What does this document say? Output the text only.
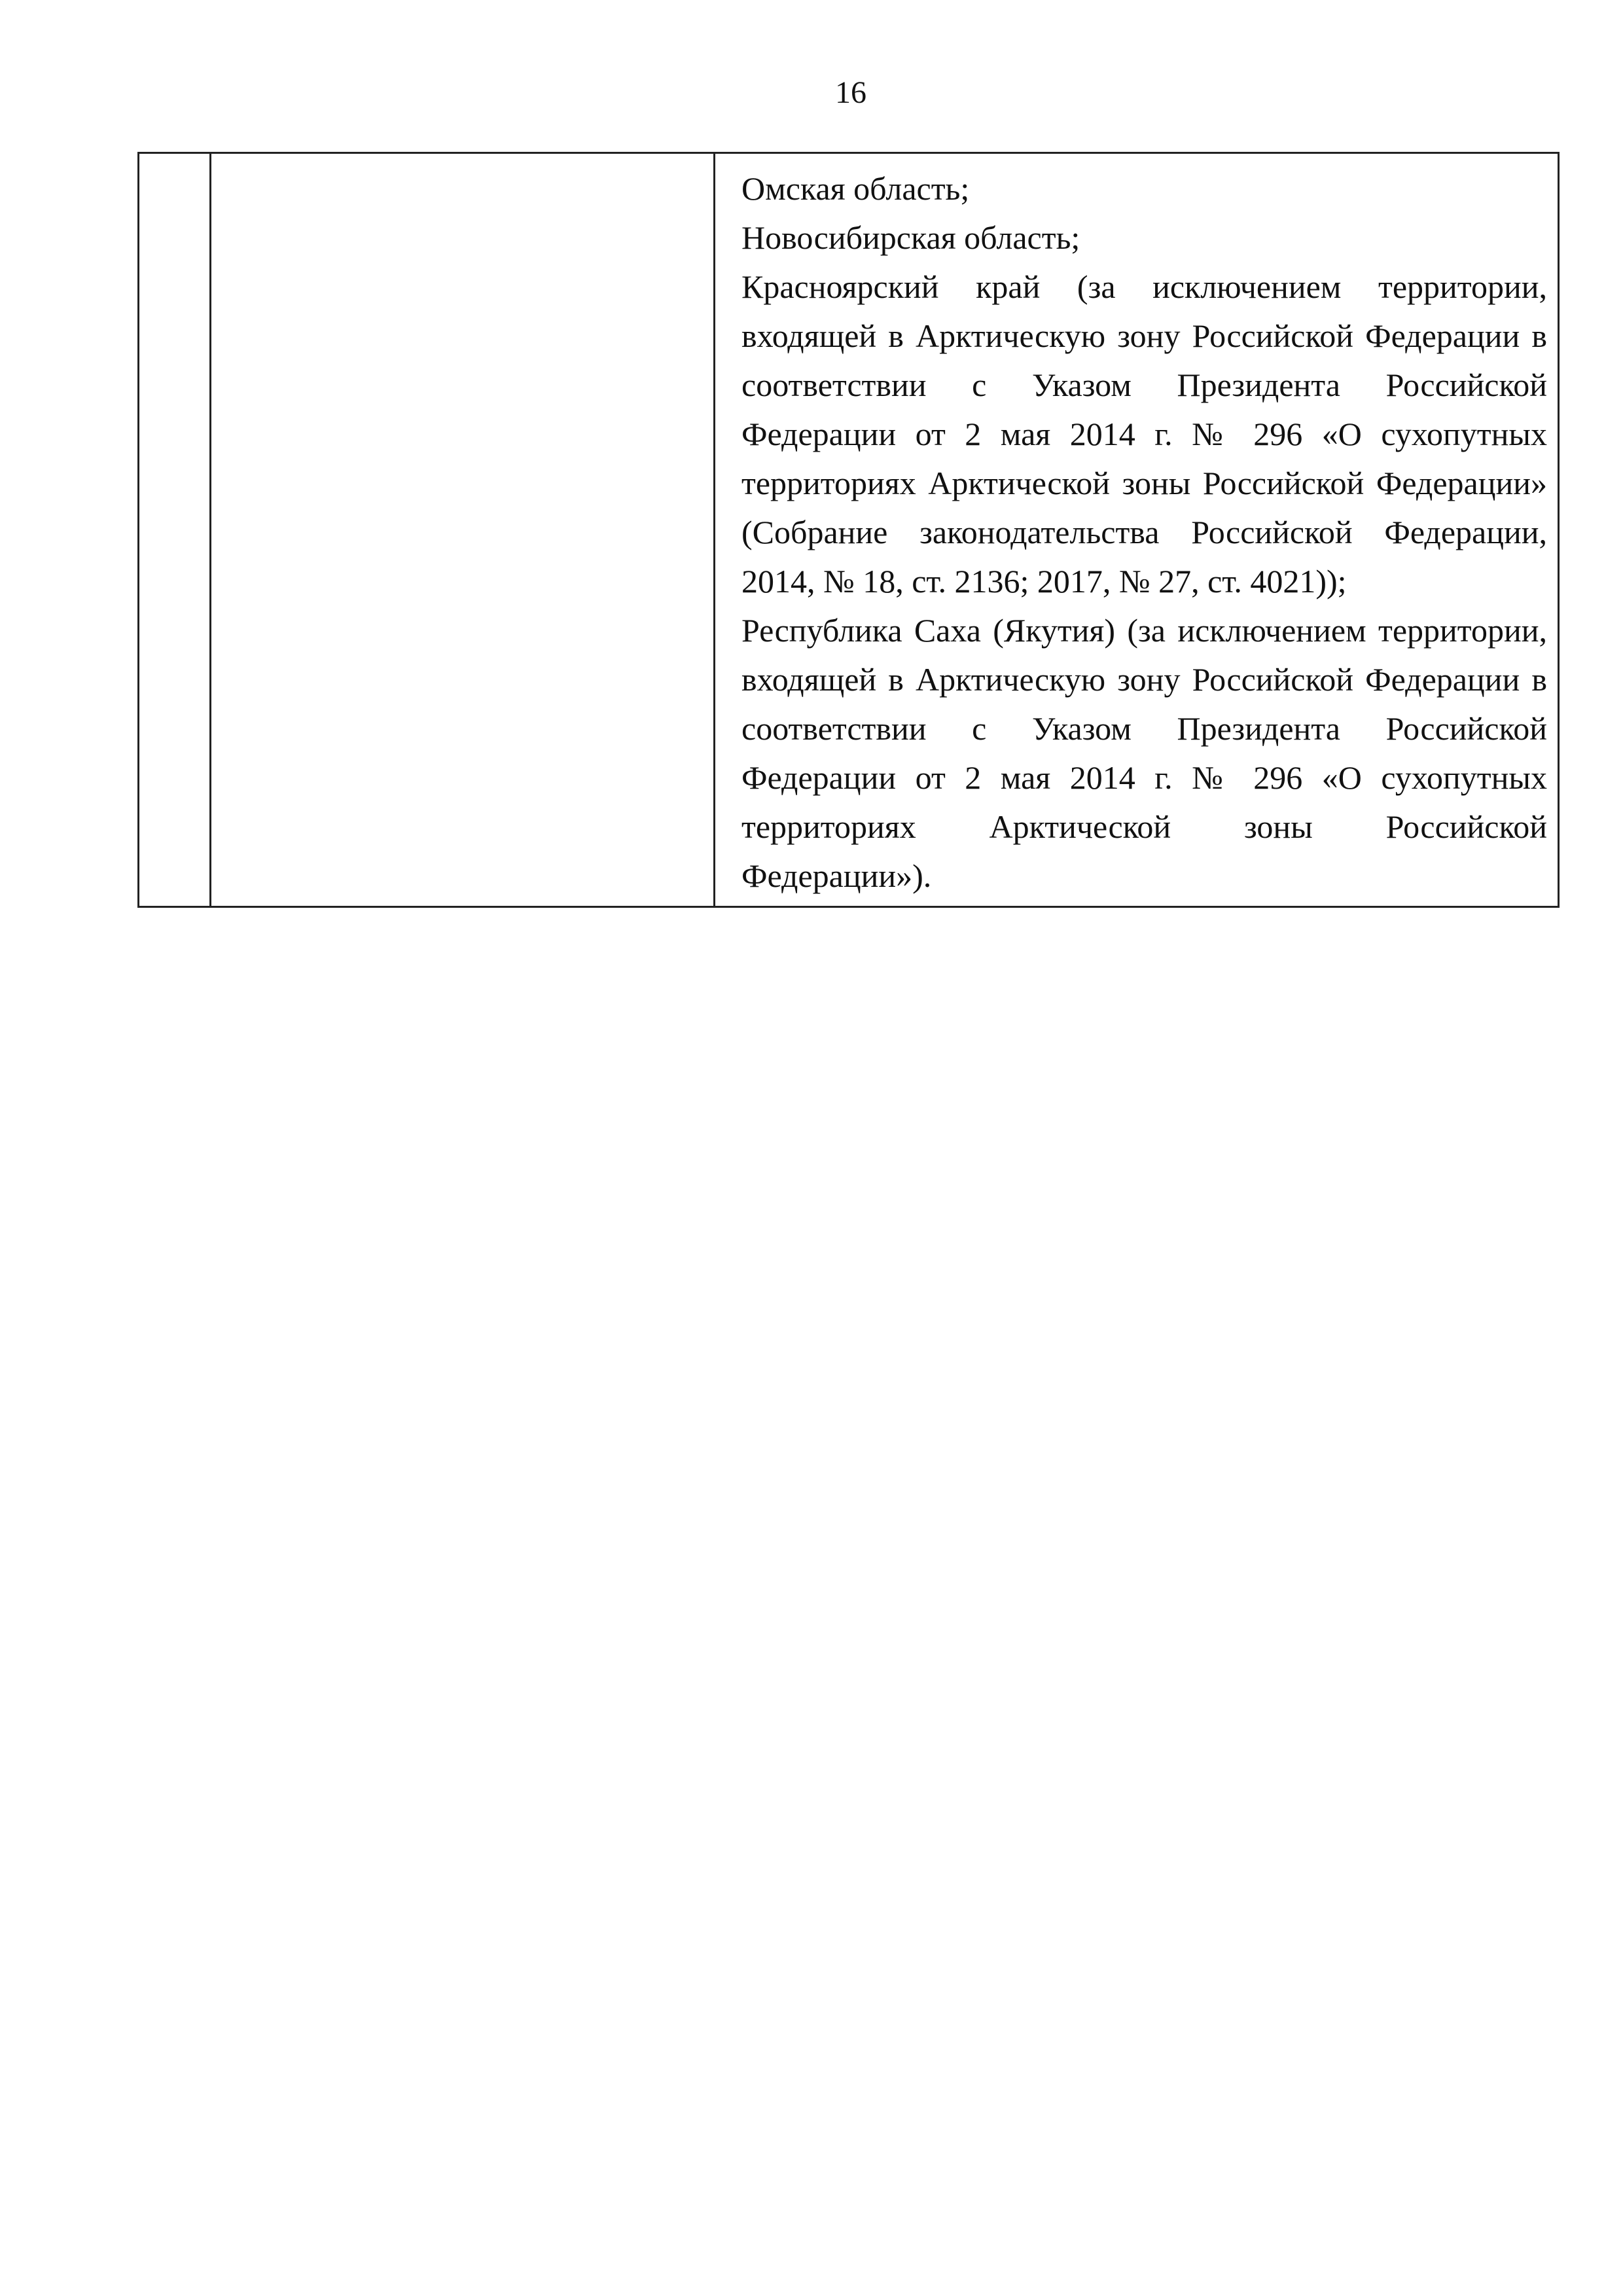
16

Омская область;

Новосибирская область;

Красноярский край (за исключением территории, входящей в Арктическую зону Российской Федерации в соответствии с Указом Президента Российской Федерации от 2 мая 2014 г. № 296 «О сухопутных территориях Арктической зоны Российской Федерации» (Собрание законодательства Российской Федерации, 2014, № 18, ст. 2136; 2017, № 27, ст. 4021));

Республика Саха (Якутия) (за исключением территории, входящей в Арктическую зону Российской Федерации в соответствии с Указом Президента Российской Федерации от 2 мая 2014 г. № 296 «О сухопутных территориях Арктической зоны Российской Федерации»).
